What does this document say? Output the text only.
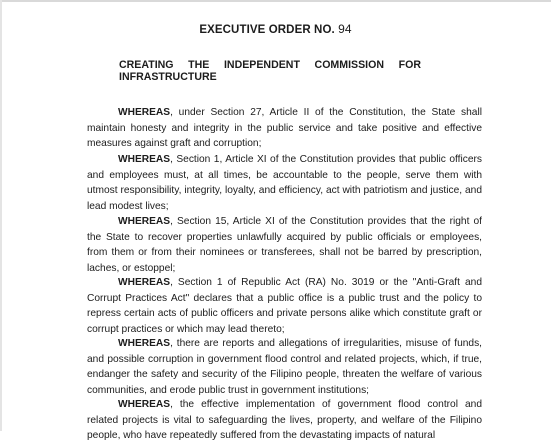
EXECUTIVE ORDER NO. 94
CREATING THE INDEPENDENT COMMISSION FOR
INFRASTRUCTURE
WHEREAS, under Section 27, Article II of the Constitution, the State shall maintain honesty and integrity in the public service and take positive and effective measures against graft and corruption;
WHEREAS, Section 1, Article XI of the Constitution provides that public officers and employees must, at all times, be accountable to the people, serve them with utmost responsibility, integrity, loyalty, and efficiency, act with patriotism and justice, and lead modest lives;
WHEREAS, Section 15, Article XI of the Constitution provides that the right of the State to recover properties unlawfully acquired by public officials or employees, from them or from their nominees or transferees, shall not be barred by prescription, laches, or estoppel;
WHEREAS, Section 1 of Republic Act (RA) No. 3019 or the "Anti-Graft and Corrupt Practices Act" declares that a public office is a public trust and the policy to repress certain acts of public officers and private persons alike which constitute graft or corrupt practices or which may lead thereto;
WHEREAS, there are reports and allegations of irregularities, misuse of funds, and possible corruption in government flood control and related projects, which, if true, endanger the safety and security of the Filipino people, threaten the welfare of various communities, and erode public trust in government institutions;
WHEREAS, the effective implementation of government flood control and related projects is vital to safeguarding the lives, property, and welfare of the Filipino people, who have repeatedly suffered from the devastating impacts of natural
